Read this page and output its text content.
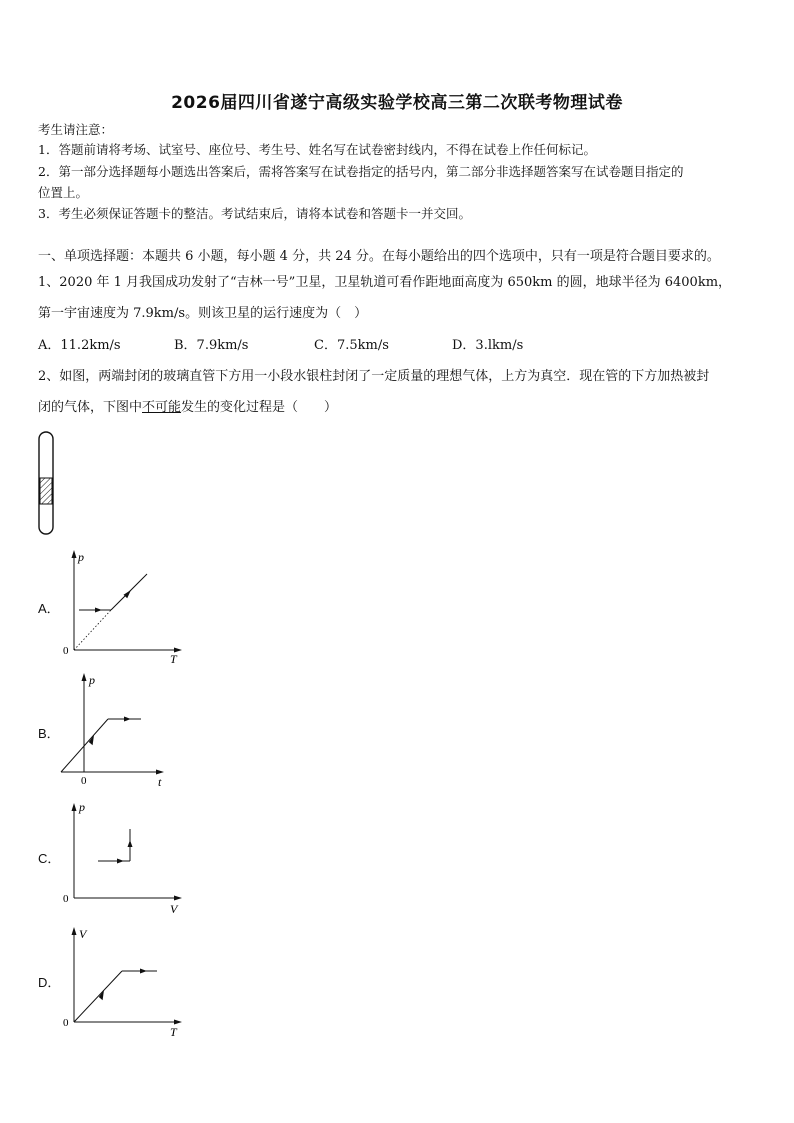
2026届四川省遂宁高级实验学校高三第二次联考物理试卷
考生请注意：
1．答题前请将考场、试室号、座位号、考生号、姓名写在试卷密封线内，不得在试卷上作任何标记。
2．第一部分选择题每小题选出答案后，需将答案写在试卷指定的括号内，第二部分非选择题答案写在试卷题目指定的
位置上。
3．考生必须保证答题卡的整洁。考试结束后，请将本试卷和答题卡一并交回。
一、单项选择题：本题共 6 小题，每小题 4 分，共 24 分。在每小题给出的四个选项中，只有一项是符合题目要求的。
1、2020 年 1 月我国成功发射了“吉林一号”卫星，卫星轨道可看作距地面高度为 650km 的圆，地球半径为 6400km，
第一宇宙速度为 7.9km/s。则该卫星的运行速度为（　）
A．11.2km/s	B．7.9km/s	C．7.5km/s	D．3.lkm/s
2、如图，两端封闭的玻璃直管下方用一小段水银柱封闭了一定质量的理想气体，上方为真空．现在管的下方加热被封
闭的气体，下图中不可能发生的变化过程是（　　）
A．
p
T
0
B．
p
t
0
C．
p
V
0
D．
V
T
0
